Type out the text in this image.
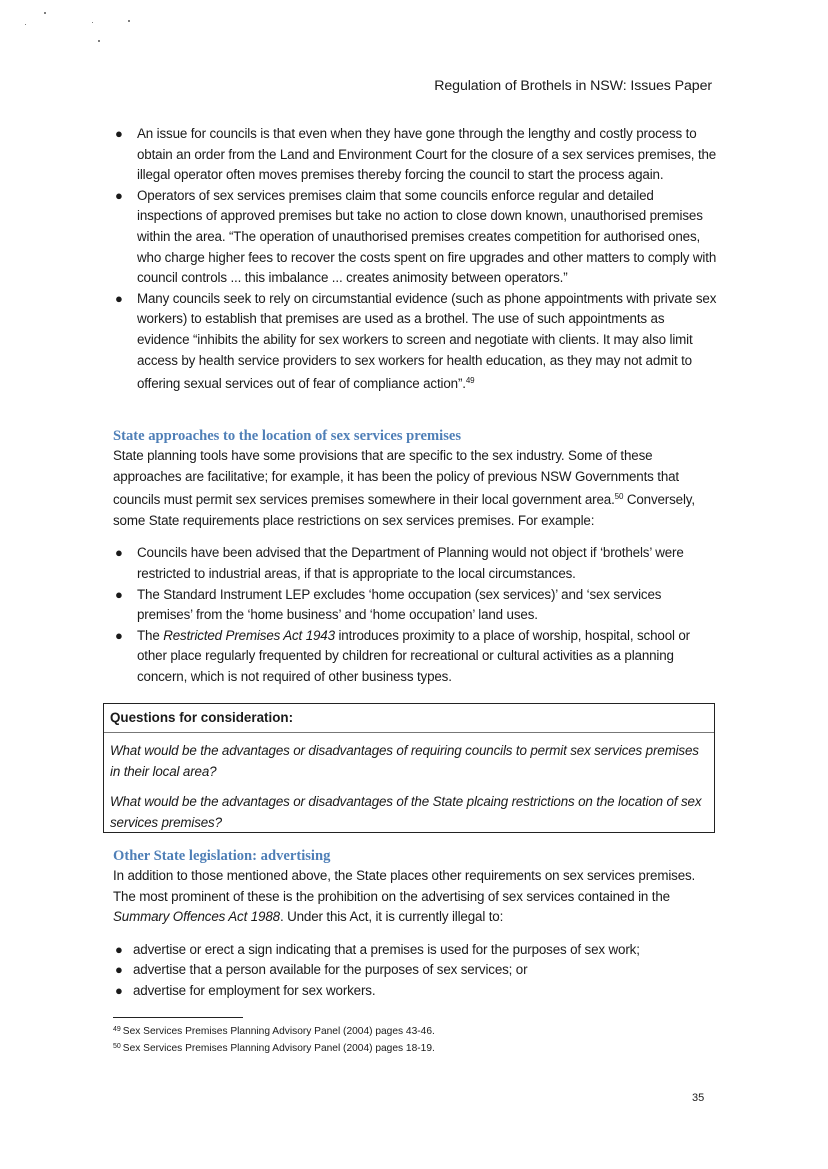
Regulation of Brothels in NSW: Issues Paper
● An issue for councils is that even when they have gone through the lengthy and costly process to obtain an order from the Land and Environment Court for the closure of a sex services premises, the illegal operator often moves premises thereby forcing the council to start the process again.
● Operators of sex services premises claim that some councils enforce regular and detailed inspections of approved premises but take no action to close down known, unauthorised premises within the area. “The operation of unauthorised premises creates competition for authorised ones, who charge higher fees to recover the costs spent on fire upgrades and other matters to comply with council controls ... this imbalance ... creates animosity between operators.”
● Many councils seek to rely on circumstantial evidence (such as phone appointments with private sex workers) to establish that premises are used as a brothel. The use of such appointments as evidence “inhibits the ability for sex workers to screen and negotiate with clients. It may also limit access by health service providers to sex workers for health education, as they may not admit to offering sexual services out of fear of compliance action”.$^{49}$
State approaches to the location of sex services premises

State planning tools have some provisions that are specific to the sex industry. Some of these approaches are facilitative; for example, it has been the policy of previous NSW Governments that councils must permit sex services premises somewhere in their local government area.$^{50}$ Conversely, some State requirements place restrictions on sex services premises. For example:

● Councils have been advised that the Department of Planning would not object if ‘brothels’ were restricted to industrial areas, if that is appropriate to the local circumstances.
● The Standard Instrument LEP excludes ‘home occupation (sex services)’ and ‘sex services premises’ from the ‘home business’ and ‘home occupation’ land uses.
● The Restricted Premises Act 1943 introduces proximity to a place of worship, hospital, school or other place regularly frequented by children for recreational or cultural activities as a planning concern, which is not required of other business types.

Questions for consideration:

What would be the advantages or disadvantages of requiring councils to permit sex services premises in their local area?

What would be the advantages or disadvantages of the State plcaing restrictions on the location of sex services premises?

Other State legislation: advertising

In addition to those mentioned above, the State places other requirements on sex services premises. The most prominent of these is the prohibition on the advertising of sex services contained in the Summary Offences Act 1988. Under this Act, it is currently illegal to:

● advertise or erect a sign indicating that a premises is used for the purposes of sex work;
● advertise that a person available for the purposes of sex services; or
● advertise for employment for sex workers.
$^{49}$ Sex Services Premises Planning Advisory Panel (2004) pages 43-46.
$^{50}$ Sex Services Premises Planning Advisory Panel (2004) pages 18-19.
35
